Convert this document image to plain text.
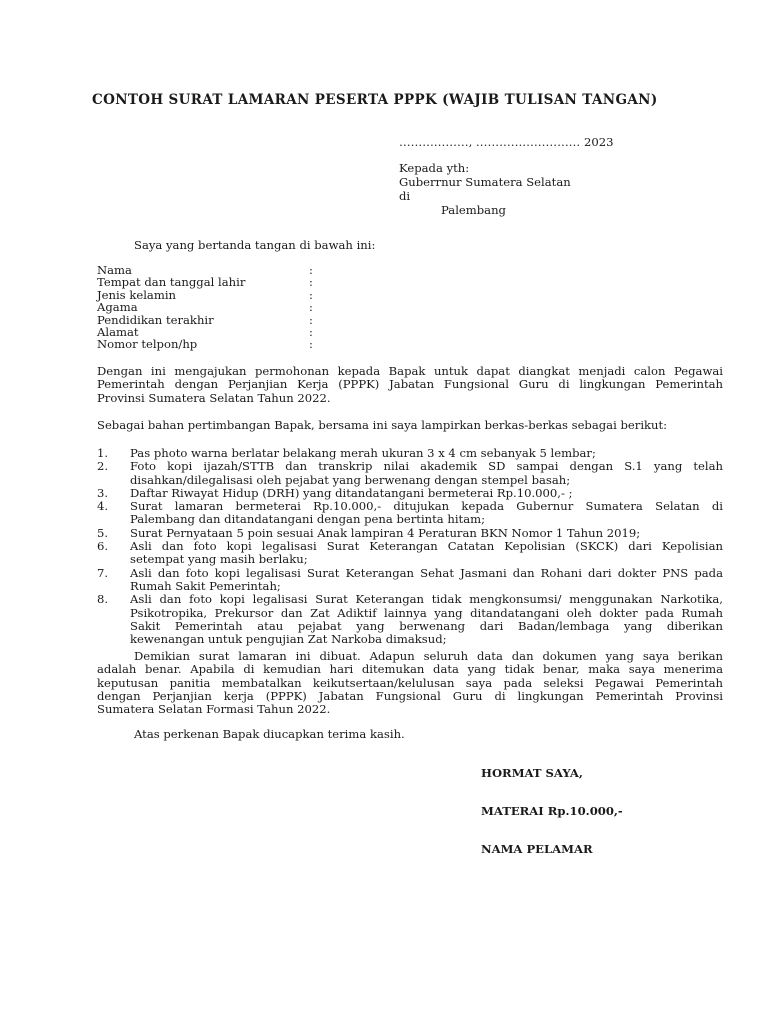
CONTOH SURAT LAMARAN PESERTA PPPK (WAJIB TULISAN TANGAN)
………………, ……………………… 2023
Kepada yth:
Guberrnur Sumatera Selatan
di
Palembang
Saya yang bertanda tangan di bawah ini:
Nama	:
Tempat dan tanggal lahir	:
Jenis kelamin	:
Agama	:
Pendidikan terakhir	:
Alamat	:
Nomor telpon/hp	:
Dengan ini mengajukan permohonan kepada Bapak untuk dapat diangkat menjadi calon Pegawai
Pemerintah dengan Perjanjian Kerja (PPPK) Jabatan Fungsional Guru di lingkungan Pemerintah
Provinsi Sumatera Selatan Tahun 2022.
Sebagai bahan pertimbangan Bapak, bersama ini saya lampirkan berkas-berkas sebagai berikut:
1. Pas photo warna berlatar belakang merah ukuran 3 x 4 cm sebanyak 5 lembar;
2. Foto kopi ijazah/STTB dan transkrip nilai akademik SD sampai dengan S.1 yang telah
disahkan/dilegalisasi oleh pejabat yang berwenang dengan stempel basah;
3. Daftar Riwayat Hidup (DRH) yang ditandatangani bermeterai Rp.10.000,- ;
4. Surat lamaran bermeterai Rp.10.000,- ditujukan kepada Gubernur Sumatera Selatan di
Palembang dan ditandatangani dengan pena bertinta hitam;
5. Surat Pernyataan 5 poin sesuai Anak lampiran 4 Peraturan BKN Nomor 1 Tahun 2019;
6. Asli dan foto kopi legalisasi Surat Keterangan Catatan Kepolisian (SKCK) dari Kepolisian
setempat yang masih berlaku;
7. Asli dan foto kopi legalisasi Surat Keterangan Sehat Jasmani dan Rohani dari dokter PNS pada
Rumah Sakit Pemerintah;
8. Asli dan foto kopi legalisasi Surat Keterangan tidak mengkonsumsi/ menggunakan Narkotika,
Psikotropika, Prekursor dan Zat Adiktif lainnya yang ditandatangani oleh dokter pada Rumah
Sakit Pemerintah atau pejabat yang berwenang dari Badan/lembaga yang diberikan
kewenangan untuk pengujian Zat Narkoba dimaksud;
Demikian surat lamaran ini dibuat. Adapun seluruh data dan dokumen yang saya berikan
adalah benar. Apabila di kemudian hari ditemukan data yang tidak benar, maka saya menerima
keputusan panitia membatalkan keikutsertaan/kelulusan saya pada seleksi Pegawai Pemerintah
dengan Perjanjian kerja (PPPK) Jabatan Fungsional Guru di lingkungan Pemerintah Provinsi
Sumatera Selatan Formasi Tahun 2022.
Atas perkenan Bapak diucapkan terima kasih.
HORMAT SAYA,
MATERAI Rp.10.000,-
NAMA PELAMAR
